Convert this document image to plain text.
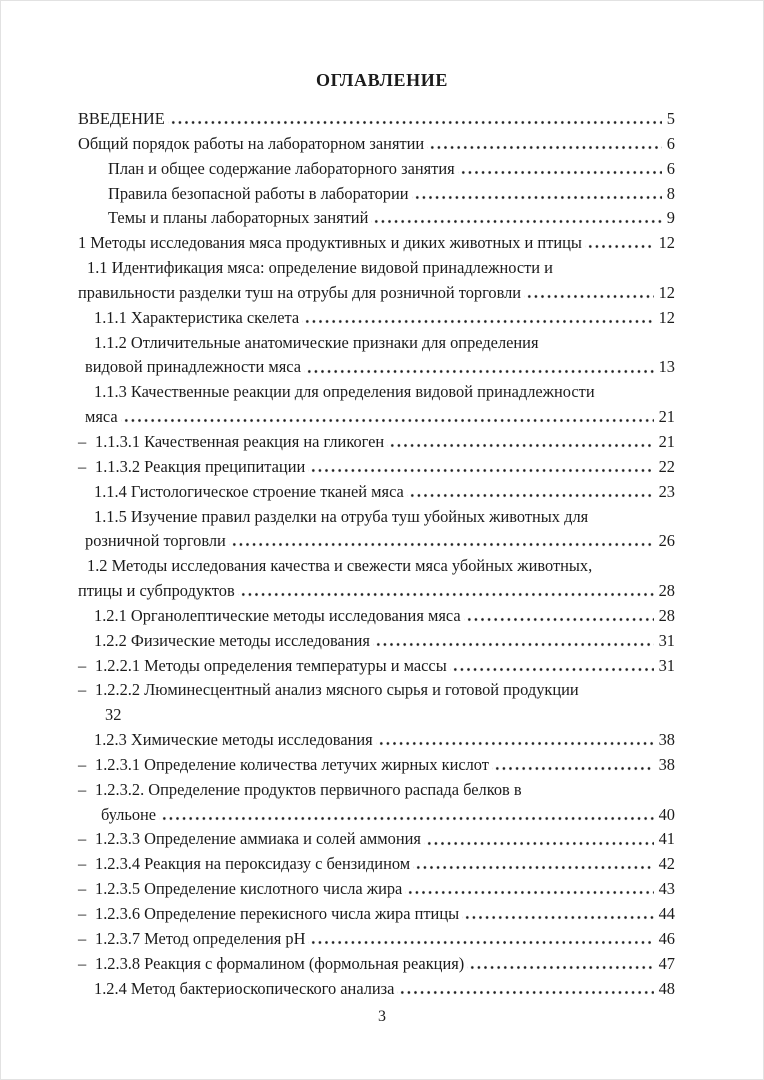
ОГЛАВЛЕНИЕ
ВВЕДЕНИЕ	5
Общий порядок работы на лабораторном занятии	6
План и общее содержание лабораторного занятия	6
Правила безопасной работы в лаборатории	8
Темы и планы лабораторных занятий	9
1 Методы исследования мяса продуктивных и диких животных и птицы	12
1.1 Идентификация мяса: определение видовой принадлежности и
правильности разделки туш на отрубы для розничной торговли	12
1.1.1 Характеристика скелета	12
1.1.2 Отличительные анатомические признаки для определения
видовой принадлежности мяса	13
1.1.3 Качественные реакции для определения видовой принадлежности
мяса	21
– 1.1.3.1 Качественная реакция на гликоген	21
– 1.1.3.2 Реакция преципитации	22
1.1.4 Гистологическое строение тканей мяса	23
1.1.5 Изучение правил разделки на отруба туш убойных животных для
розничной торговли	26
1.2 Методы исследования качества и свежести мяса убойных животных,
птицы и субпродуктов	28
1.2.1 Органолептические методы исследования мяса	28
1.2.2 Физические методы исследования	31
– 1.2.2.1 Методы определения температуры и массы	31
– 1.2.2.2 Люминесцентный анализ мясного сырья и готовой продукции
32
1.2.3 Химические методы исследования	38
– 1.2.3.1 Определение количества летучих жирных кислот	38
– 1.2.3.2. Определение продуктов первичного распада белков в
бульоне	40
– 1.2.3.3 Определение аммиака и солей аммония	41
– 1.2.3.4 Реакция на пероксидазу с бензидином	42
– 1.2.3.5 Определение кислотного числа жира	43
– 1.2.3.6 Определение перекисного числа жира птицы	44
– 1.2.3.7 Метод определения рН	46
– 1.2.3.8 Реакция с формалином (формольная реакция)	47
1.2.4 Метод бактериоскопического анализа	48
3
